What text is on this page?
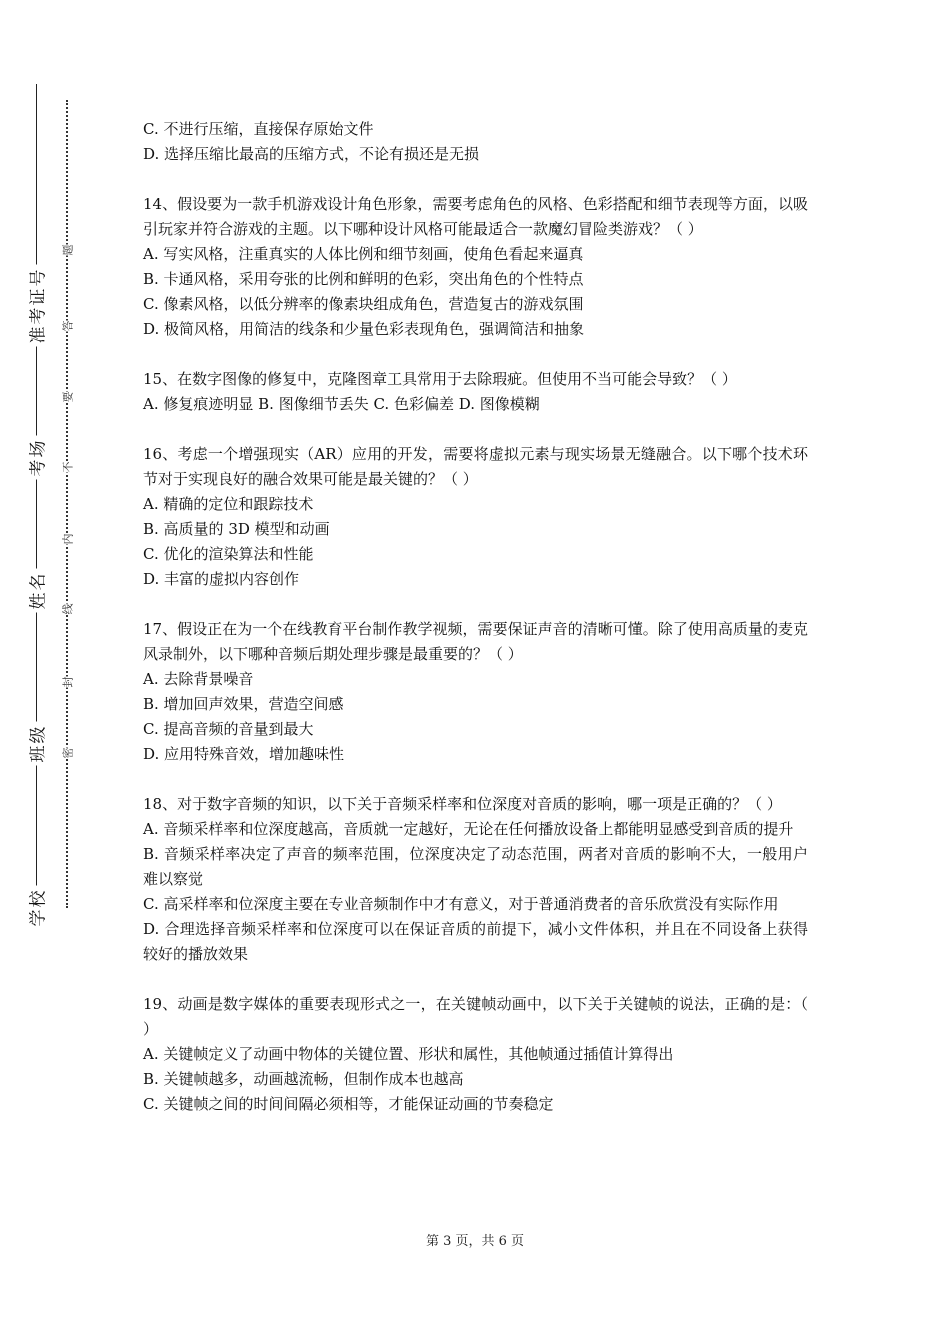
准考证号
考场
姓名
班级
学校
题
答
要
不
内
线
封
密
C. 不进行压缩，直接保存原始文件
D. 选择压缩比最高的压缩方式，不论有损还是无损
14、假设要为一款手机游戏设计角色形象，需要考虑角色的风格、色彩搭配和细节表现等方面，以吸引玩家并符合游戏的主题。以下哪种设计风格可能最适合一款魔幻冒险类游戏？（ ）
A. 写实风格，注重真实的人体比例和细节刻画，使角色看起来逼真
B. 卡通风格，采用夸张的比例和鲜明的色彩，突出角色的个性特点
C. 像素风格，以低分辨率的像素块组成角色，营造复古的游戏氛围
D. 极简风格，用简洁的线条和少量色彩表现角色，强调简洁和抽象
15、在数字图像的修复中，克隆图章工具常用于去除瑕疵。但使用不当可能会导致？（ ）
A. 修复痕迹明显 B. 图像细节丢失 C. 色彩偏差 D. 图像模糊
16、考虑一个增强现实（AR）应用的开发，需要将虚拟元素与现实场景无缝融合。以下哪个技术环节对于实现良好的融合效果可能是最关键的？（ ）
A. 精确的定位和跟踪技术
B. 高质量的 3D 模型和动画
C. 优化的渲染算法和性能
D. 丰富的虚拟内容创作
17、假设正在为一个在线教育平台制作教学视频，需要保证声音的清晰可懂。除了使用高质量的麦克风录制外，以下哪种音频后期处理步骤是最重要的？（ ）
A. 去除背景噪音
B. 增加回声效果，营造空间感
C. 提高音频的音量到最大
D. 应用特殊音效，增加趣味性
18、对于数字音频的知识，以下关于音频采样率和位深度对音质的影响，哪一项是正确的？（ ）
A. 音频采样率和位深度越高，音质就一定越好，无论在任何播放设备上都能明显感受到音质的提升
B. 音频采样率决定了声音的频率范围，位深度决定了动态范围，两者对音质的影响不大，一般用户难以察觉
C. 高采样率和位深度主要在专业音频制作中才有意义，对于普通消费者的音乐欣赏没有实际作用
D. 合理选择音频采样率和位深度可以在保证音质的前提下，减小文件体积，并且在不同设备上获得较好的播放效果
19、动画是数字媒体的重要表现形式之一，在关键帧动画中，以下关于关键帧的说法，正确的是：（ ）
A. 关键帧定义了动画中物体的关键位置、形状和属性，其他帧通过插值计算得出
B. 关键帧越多，动画越流畅，但制作成本也越高
C. 关键帧之间的时间间隔必须相等，才能保证动画的节奏稳定
第 3 页，共 6 页
